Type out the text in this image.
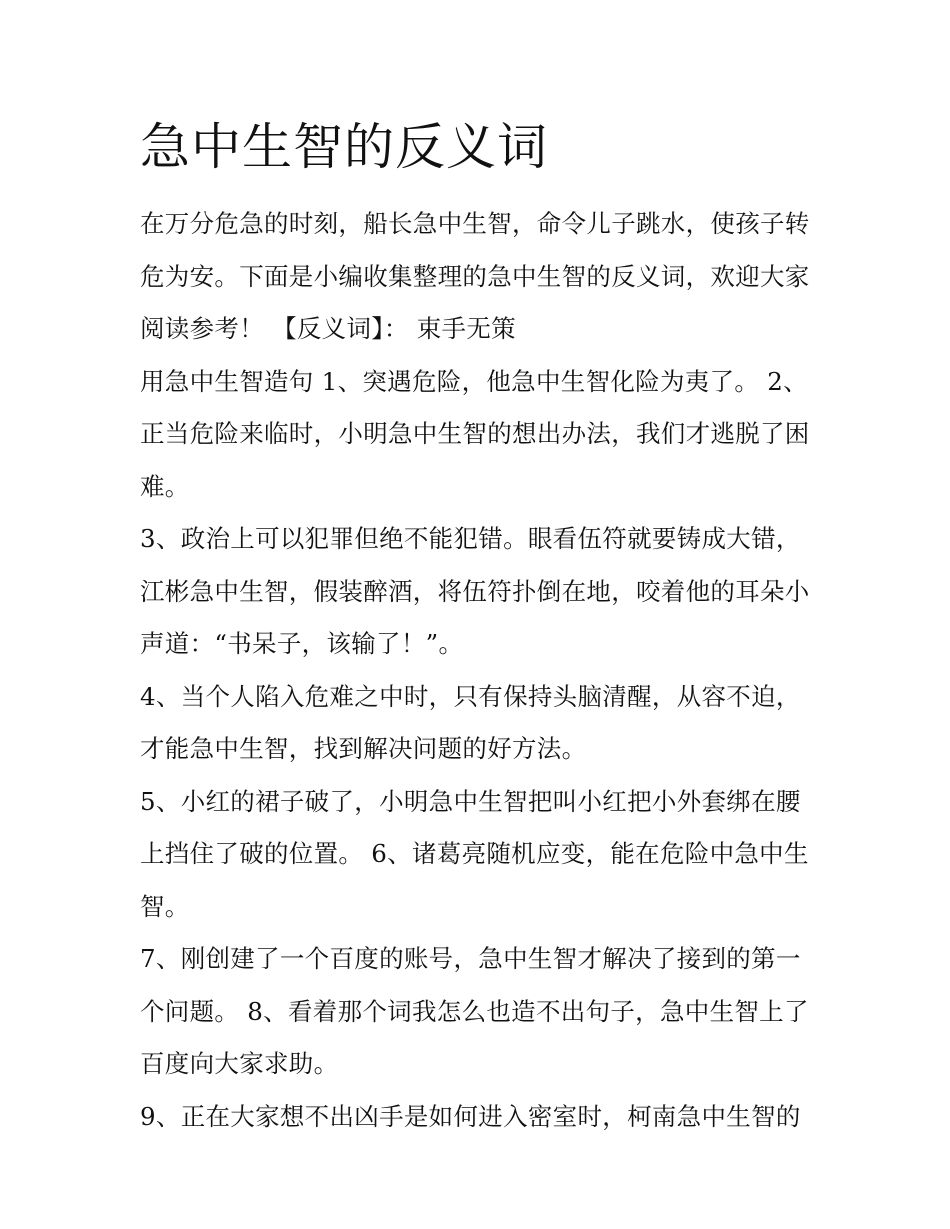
急中生智的反义词

在万分危急的时刻，船长急中生智，命令儿子跳水，使孩子转危为安。下面是小编收集整理的急中生智的反义词，欢迎大家阅读参考！ 【反义词】： 束手无策

用急中生智造句 1、突遇危险，他急中生智化险为夷了。 2、正当危险来临时，小明急中生智的想出办法，我们才逃脱了困难。

3、政治上可以犯罪但绝不能犯错。眼看伍符就要铸成大错，江彬急中生智，假装醉酒，将伍符扑倒在地，咬着他的耳朵小声道：“书呆子，该输了！”。

4、当个人陷入危难之中时，只有保持头脑清醒，从容不迫，才能急中生智，找到解决问题的好方法。

5、小红的裙子破了，小明急中生智把叫小红把小外套绑在腰上挡住了破的位置。 6、诸葛亮随机应变，能在危险中急中生智。

7、刚创建了一个百度的账号，急中生智才解决了接到的第一个问题。 8、看着那个词我怎么也造不出句子，急中生智上了百度向大家求助。

9、正在大家想不出凶手是如何进入密室时，柯南急中生智的
